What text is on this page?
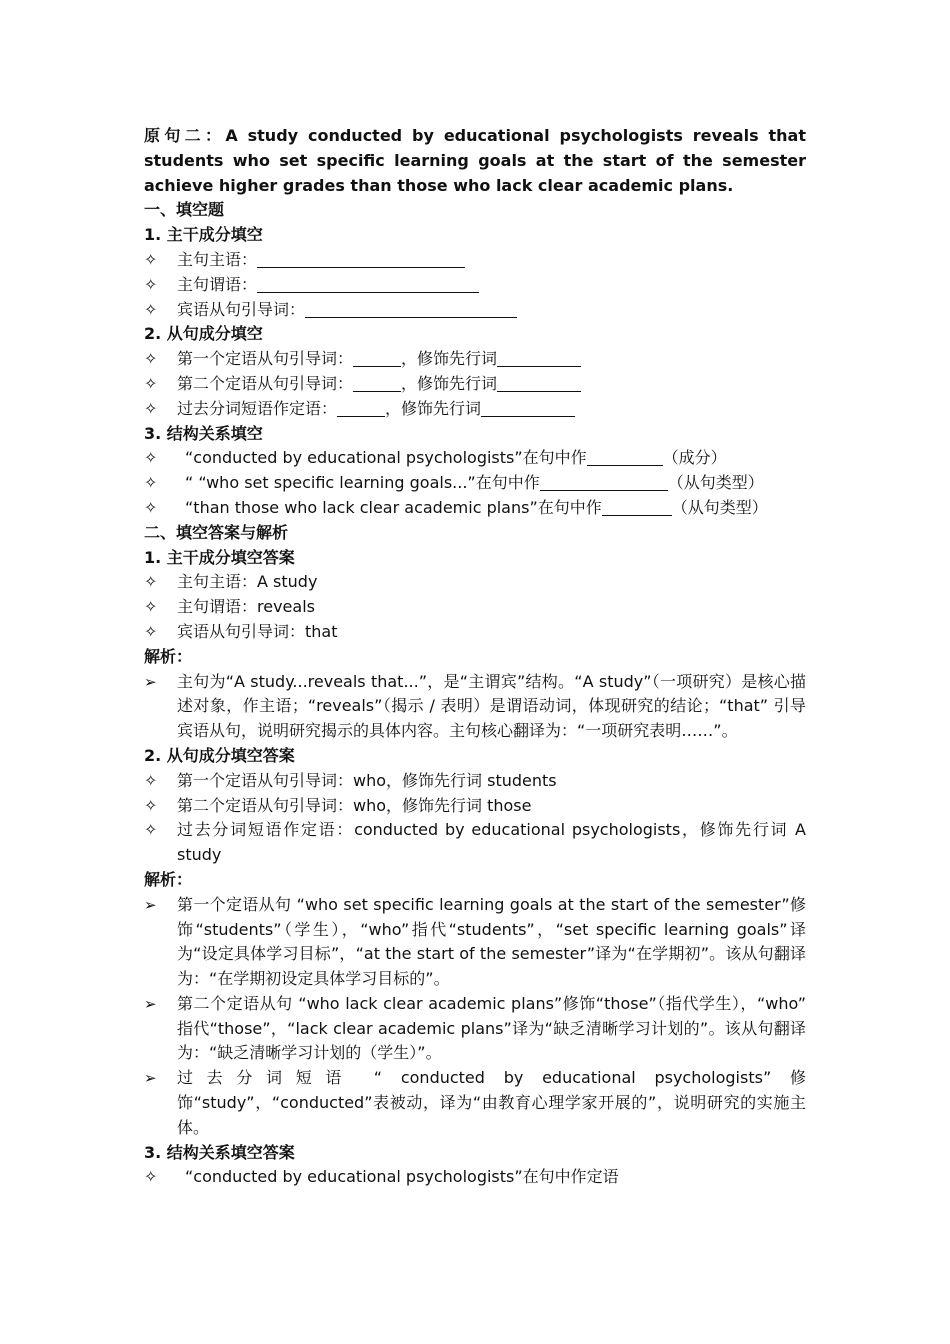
原句二：A study conducted by educational psychologists reveals that students who set specific learning goals at the start of the semester achieve higher grades than those who lack clear academic plans.

一、填空题

1. 主干成分填空

✧	主句主语：
✧	主句谓语：
✧	宾语从句引导词：

2. 从句成分填空

✧	第一个定语从句引导词：	，修饰先行词
✧	第二个定语从句引导词：	，修饰先行词
✧	过去分词短语作定语：	，修饰先行词

3. 结构关系填空

✧	“conducted by educational psychologists”在句中作	（成分）
✧	“ “who set specific learning goals...”在句中作	（从句类型）
✧	“than those who lack clear academic plans”在句中作	（从句类型）

二、填空答案与解析

1. 主干成分填空答案

✧	主句主语：A study
✧	主句谓语：reveals
✧	宾语从句引导词：that

解析：

➢	主句为“A study...reveals that...”，是“主谓宾”结构。“A study”（一项研究）是核心描述对象，作主语；“reveals”（揭示 / 表明）是谓语动词，体现研究的结论；“that” 引导宾语从句，说明研究揭示的具体内容。主句核心翻译为：“一项研究表明……”。

2. 从句成分填空答案

✧	第一个定语从句引导词：who，修饰先行词 students
✧	第二个定语从句引导词：who，修饰先行词 those
✧	过去分词短语作定语：conducted by educational psychologists，修饰先行词 A study

解析：

➢	第一个定语从句 “who set specific learning goals at the start of the semester”修饰“students”（学生），“who”指代“students”，“set specific learning goals”译为“设定具体学习目标”，“at the start of the semester”译为“在学期初”。该从句翻译为：“在学期初设定具体学习目标的”。
➢	第二个定语从句 “who lack clear academic plans”修饰“those”（指代学生），“who” 指代“those”，“lack clear academic plans”译为“缺乏清晰学习计划的”。该从句翻译为：“缺乏清晰学习计划的（学生）”。
➢	过去分词短语 “ conducted by educational psychologists” 修饰“study”，“conducted”表被动，译为“由教育心理学家开展的”，说明研究的实施主体。

3. 结构关系填空答案

✧	“conducted by educational psychologists”在句中作定语
